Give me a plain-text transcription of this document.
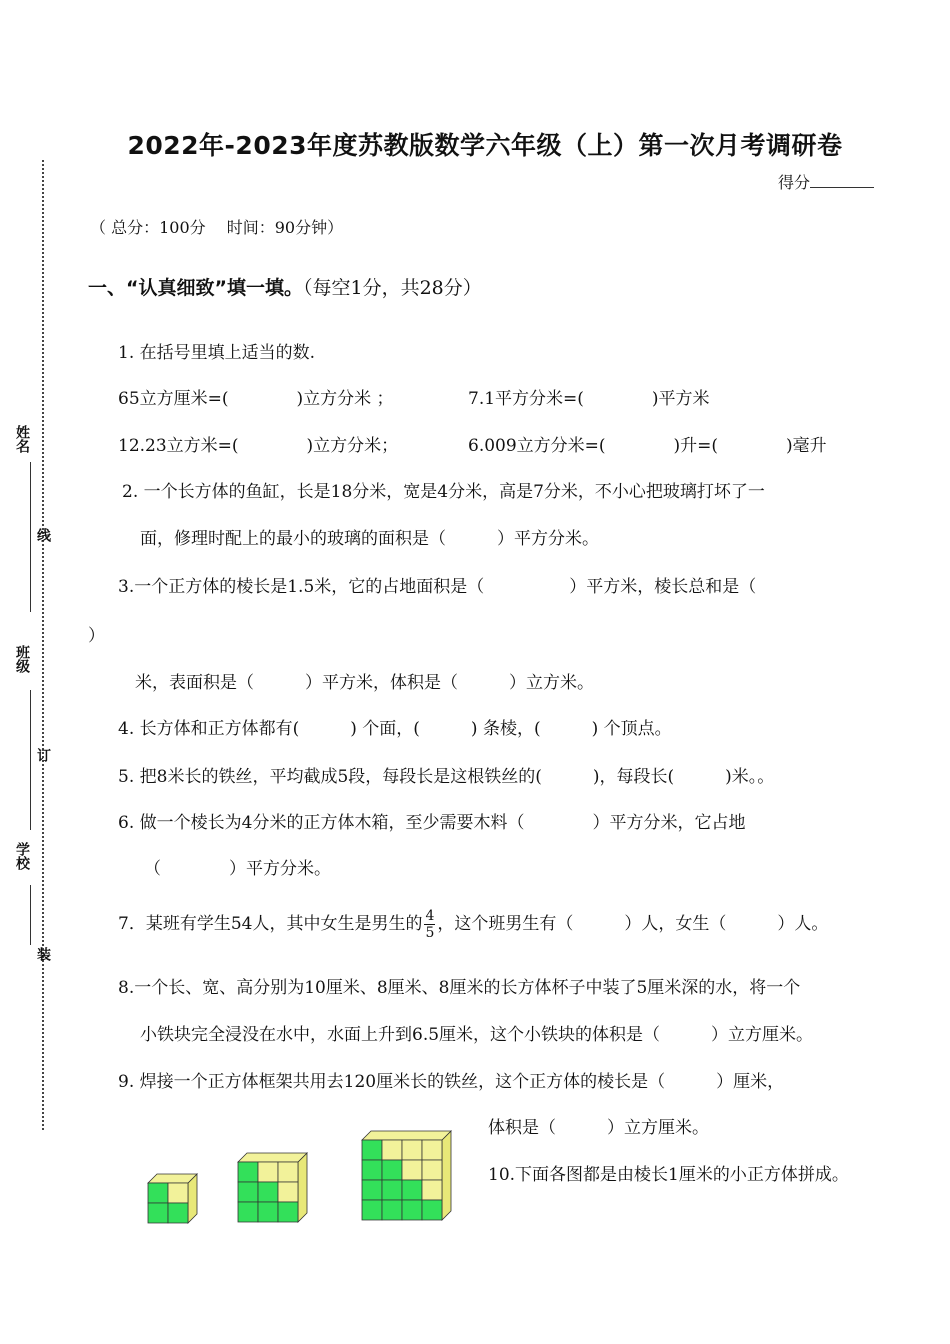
姓名
线
班级
订
学校
装
2022年-2023年度苏教版数学六年级（上）第一次月考调研卷
得分
（ 总分：100分 　时间：90分钟）
一、“认真细致”填一填。（每空1分，共28分）
1. 在括号里填上适当的数.
65立方厘米=(　　　　)立方分米 ；	7.1平方分米=(　　　　)平方米
12.23立方米=(　　　　)立方分米；	6.009立方分米=(　　　　)升=(　　　　)毫升
2. 一个长方体的鱼缸，长是18分米，宽是4分米，高是7分米，不小心把玻璃打坏了一
面，修理时配上的最小的玻璃的面积是（　　　）平方分米。
3.一个正方体的棱长是1.5米，它的占地面积是（　　　　　）平方米，棱长总和是（
）
米，表面积是（　　　）平方米，体积是（　　　）立方米。
4. 长方体和正方体都有(　　　) 个面，(　　　) 条棱，(　　　) 个顶点。
5. 把8米长的铁丝，平均截成5段，每段长是这根铁丝的(　　　)，每段长(　　　)米。。
6. 做一个棱长为4分米的正方体木箱，至少需要木料（　　　　）平方分米，它占地
（　　　　）平方分米。
7．某班有学生54人，其中女生是男生的 $\frac{4}{5}$ ，这个班男生有（　　　）人，女生（　　　）人。
8.一个长、宽、高分别为10厘米、8厘米、8厘米的长方体杯子中装了5厘米深的水，将一个
小铁块完全浸没在水中，水面上升到6.5厘米，这个小铁块的体积是（　　　）立方厘米。
9. 焊接一个正方体框架共用去120厘米长的铁丝，这个正方体的棱长是（　　　）厘米，
体积是（　　　）立方厘米。
10.下面各图都是由棱长1厘米的小正方体拼成。
